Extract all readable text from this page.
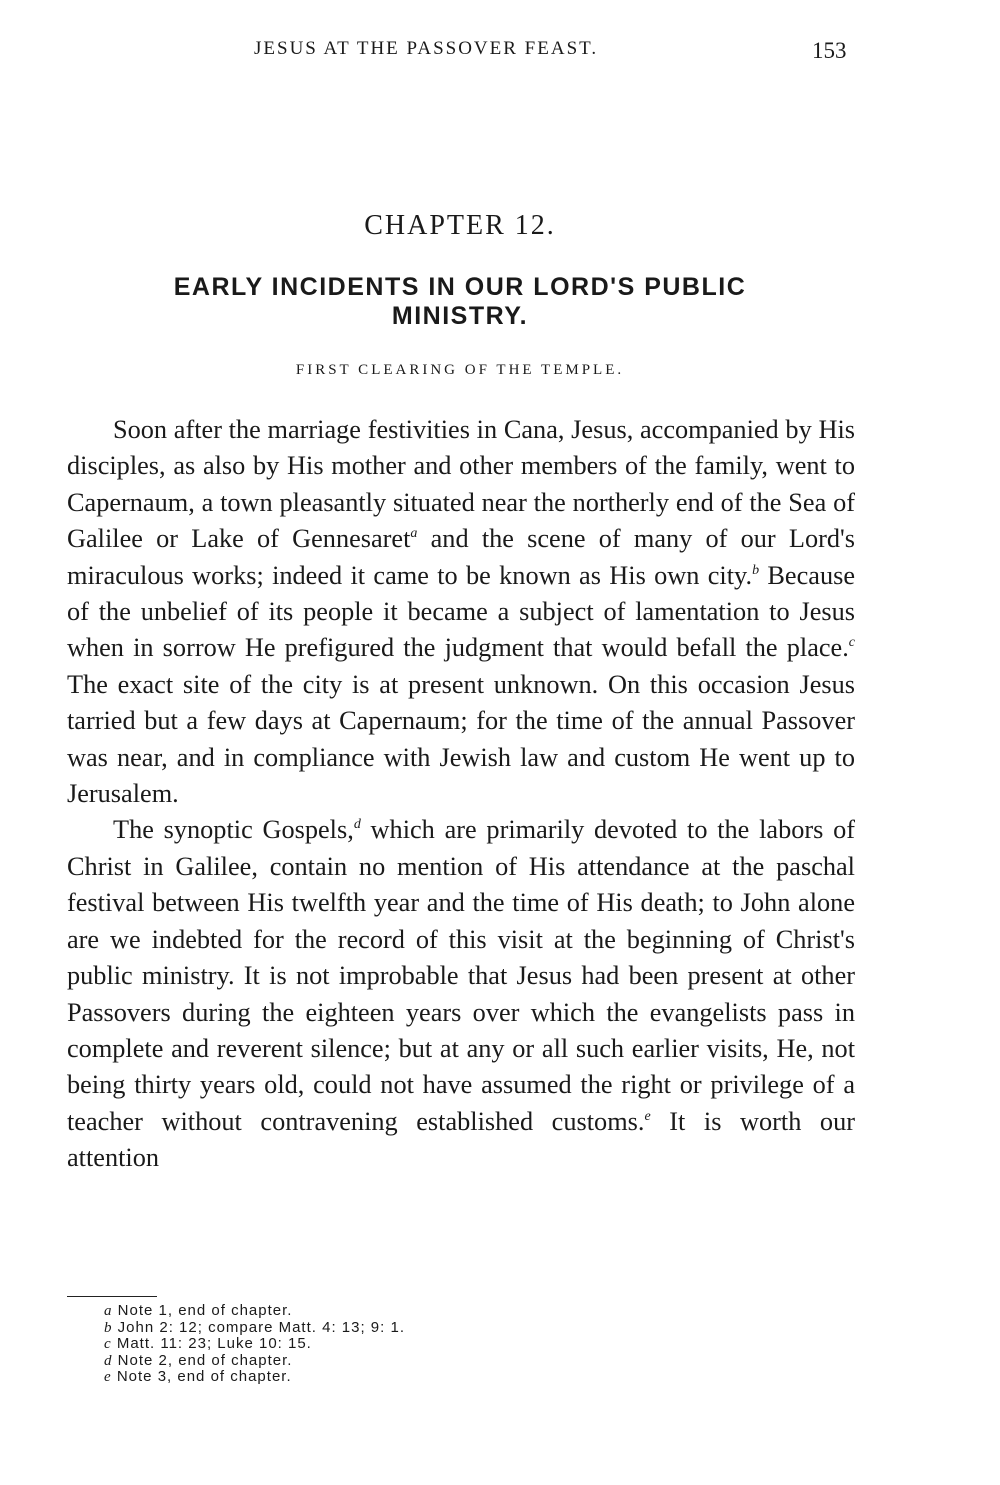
JESUS AT THE PASSOVER FEAST.	153
CHAPTER 12.
EARLY INCIDENTS IN OUR LORD'S PUBLIC
MINISTRY.
FIRST CLEARING OF THE TEMPLE.

Soon after the marriage festivities in Cana, Jesus, accompanied by His disciples, as also by His mother and other members of the family, went to Capernaum, a town pleasantly situated near the northerly end of the Sea of Galilee or Lake of Gennesaret$^a$ and the scene of many of our Lord's miraculous works; indeed it came to be known as His own city.$^b$ Because of the unbelief of its people it became a subject of lamentation to Jesus when in sorrow He prefigured the judgment that would befall the place.$^c$ The exact site of the city is at present unknown. On this occasion Jesus tarried but a few days at Capernaum; for the time of the annual Passover was near, and in compliance with Jewish law and custom He went up to Jerusalem.

The synoptic Gospels,$^d$ which are primarily devoted to the labors of Christ in Galilee, contain no mention of His attendance at the paschal festival between His twelfth year and the time of His death; to John alone are we indebted for the record of this visit at the beginning of Christ's public ministry. It is not improbable that Jesus had been present at other Passovers during the eighteen years over which the evangelists pass in complete and reverent silence; but at any or all such earlier visits, He, not being thirty years old, could not have assumed the right or privilege of a teacher without contravening established customs.$^e$ It is worth our attention

a Note 1, end of chapter.
b John 2: 12; compare Matt. 4: 13; 9: 1.
c Matt. 11: 23; Luke 10: 15.
d Note 2, end of chapter.
e Note 3, end of chapter.
